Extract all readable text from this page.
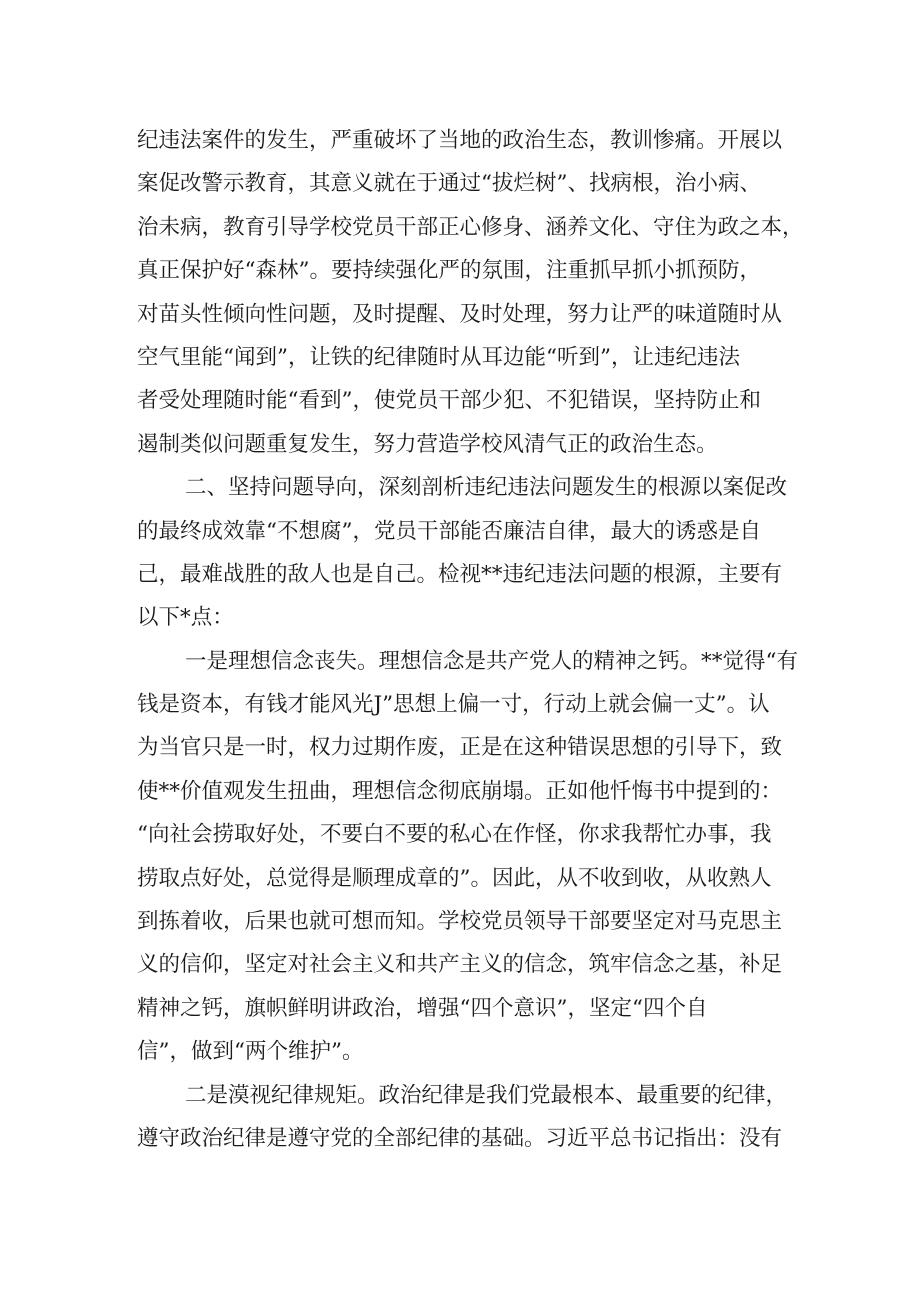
纪违法案件的发生，严重破坏了当地的政治生态，教训惨痛。开展以
案促改警示教育，其意义就在于通过“拔烂树”、找病根，治小病、
治未病，教育引导学校党员干部正心修身、涵养文化、守住为政之本，
真正保护好“森林”。要持续强化严的氛围，注重抓早抓小抓预防，
对苗头性倾向性问题，及时提醒、及时处理，努力让严的味道随时从
空气里能“闻到”，让铁的纪律随时从耳边能“听到”，让违纪违法
者受处理随时能“看到”，使党员干部少犯、不犯错误，坚持防止和
遏制类似问题重复发生，努力营造学校风清气正的政治生态。
二、坚持问题导向，深刻剖析违纪违法问题发生的根源以案促改
的最终成效靠“不想腐”，党员干部能否廉洁自律，最大的诱惑是自
己，最难战胜的敌人也是自己。检视**违纪违法问题的根源，主要有
以下*点：
一是理想信念丧失。理想信念是共产党人的精神之钙。**觉得“有
钱是资本，有钱才能风光J”思想上偏一寸，行动上就会偏一丈”。认
为当官只是一时，权力过期作废，正是在这种错误思想的引导下，致
使**价值观发生扭曲，理想信念彻底崩塌。正如他忏悔书中提到的：
“向社会捞取好处，不要白不要的私心在作怪，你求我帮忙办事，我
捞取点好处，总觉得是顺理成章的”。因此，从不收到收，从收熟人
到拣着收，后果也就可想而知。学校党员领导干部要坚定对马克思主
义的信仰，坚定对社会主义和共产主义的信念，筑牢信念之基，补足
精神之钙，旗帜鲜明讲政治，增强“四个意识”，坚定“四个自
信”，做到“两个维护”。
二是漠视纪律规矩。政治纪律是我们党最根本、最重要的纪律，
遵守政治纪律是遵守党的全部纪律的基础。习近平总书记指出：没有
